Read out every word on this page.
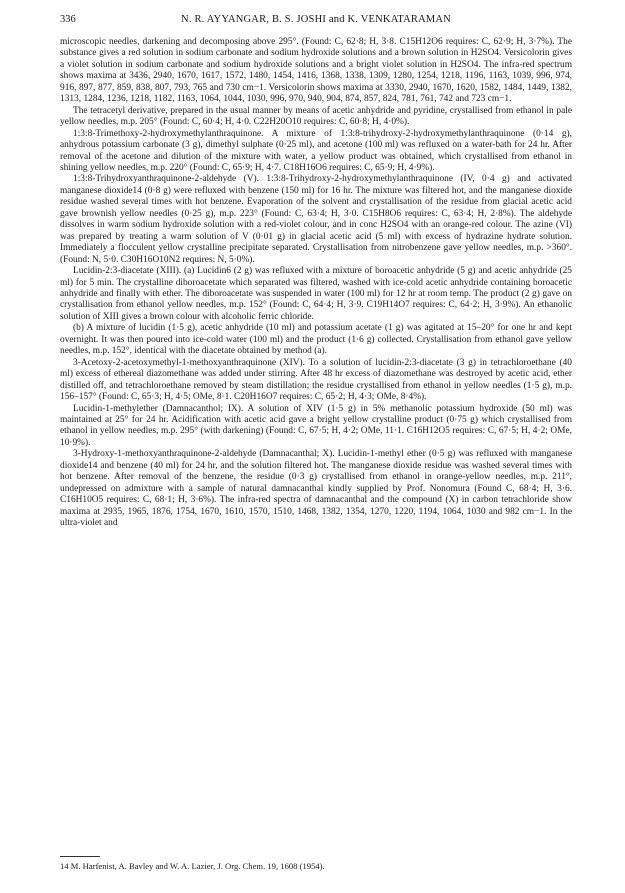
336	N. R. AYYANGAR, B. S. JOSHI and K. VENKATARAMAN

microscopic needles, darkening and decomposing above 295°. (Found: C, 62·8; H, 3·8. C15H12O6 requires: C, 62·9; H, 3·7%). The substance gives a red solution in sodium carbonate and sodium hydroxide solutions and a brown solution in H2SO4. Versicolorin gives a violet solution in sodium carbonate and sodium hydroxide solutions and a bright violet solution in H2SO4. The infra-red spectrum shows maxima at 3436, 2940, 1670, 1617, 1572, 1480, 1454, 1416, 1368, 1338, 1309, 1280, 1254, 1218, 1196, 1163, 1039, 996, 974, 916, 897, 877, 859, 838, 807, 793, 765 and 730 cm−1. Versicolorin shows maxima at 3330, 2940, 1670, 1620, 1582, 1484, 1449, 1382, 1313, 1284, 1236, 1218, 1182, 1163, 1064, 1044, 1030, 996, 970, 940, 904, 874, 857, 824, 781, 761, 742 and 723 cm−1.

The tetracetyl derivative, prepared in the usual manner by means of acetic anhydride and pyridine, crystallised from ethanol in pale yellow needles, m.p. 205° (Found: C, 60·4; H, 4·0. C22H20O10 requires: C, 60·8; H, 4·0%).

1:3:8-Trimethoxy-2-hydroxymethylanthraquinone. A mixture of 1:3:8-trihydroxy-2-hydroxymethylanthraquinone (0·14 g), anhydrous potassium carbonate (3 g), dimethyl sulphate (0·25 ml), and acetone (100 ml) was refluxed on a water-bath for 24 hr. After removal of the acetone and dilution of the mixture with water, a yellow product was obtained, which crystallised from ethanol in shining yellow needles, m.p. 220° (Found: C, 65·9; H, 4·7. C18H16O6 requires: C, 65·9; H, 4·9%).

1:3:8-Trihydroxyanthraquinone-2-aldehyde (V). 1:3:8-Trihydroxy-2-hydroxymethylanthraquinone (IV, 0·4 g) and activated manganese dioxide14 (0·8 g) were refluxed with benzene (150 ml) for 16 hr. The mixture was filtered hot, and the manganese dioxide residue washed several times with hot benzene. Evaporation of the solvent and crystallisation of the residue from glacial acetic acid gave brownish yellow needles (0·25 g), m.p. 223° (Found: C, 63·4; H, 3·0. C15H8O6 requires: C, 63·4; H, 2·8%). The aldehyde dissolves in warm sodium hydroxide solution with a red-violet colour, and in conc H2SO4 with an orange-red colour. The azine (VI) was prepared by treating a warm solution of V (0·01 g) in glacial acetic acid (5 ml) with excess of hydrazine hydrate solution. Immediately a flocculent yellow crystalline precipitate separated. Crystallisation from nitrobenzene gave yellow needles, m.p. >360°. (Found: N, 5·0. C30H16O10N2 requires: N, 5·0%).

Lucidin-2:3-diacetate (XIII). (a) Lucidin6 (2 g) was refluxed with a mixture of boroacetic anhydride (5 g) and acetic anhydride (25 ml) for 5 min. The crystalline diboroacetate which separated was filtered, washed with ice-cold acetic anhydride containing boroacetic anhydride and finally with ether. The diboroacetate was suspended in water (100 ml) for 12 hr at room temp. The product (2 g) gave on crystallisation from ethanol yellow needles, m.p. 152° (Found: C, 64·4; H, 3·9. C19H14O7 requires: C, 64·2; H, 3·9%). An ethanolic solution of XIII gives a brown colour with alcoholic ferric chloride.

(b) A mixture of lucidin (1·5 g), acetic anhydride (10 ml) and potassium acetate (1 g) was agitated at 15–20° for one hr and kept overnight. It was then poured into ice-cold water (100 ml) and the product (1·6 g) collected. Crystallisation from ethanol gave yellow needles, m.p. 152°, identical with the diacetate obtained by method (a).

3-Acetoxy-2-acetoxymethyl-1-methoxyanthraquinone (XIV). To a solution of lucidin-2:3-diacetate (3 g) in tetrachloroethane (40 ml) excess of ethereal diazomethane was added under stirring. After 48 hr excess of diazomethane was destroyed by acetic acid, ether distilled off, and tetrachloroethane removed by steam distillation; the residue crystallised from ethanol in yellow needles (1·5 g), m.p. 156–157° (Found: C, 65·3; H, 4·5; OMe, 8·1. C20H16O7 requires: C, 65·2; H, 4·3; OMe, 8·4%).

Lucidin-1-methylether (Damnacanthol; IX). A solution of XIV (1·5 g) in 5% methanolic potassium hydroxide (50 ml) was maintained at 25° for 24 hr. Acidification with acetic acid gave a bright yellow crystalline product (0·75 g) which crystallised from ethanol in yellow needles, m.p. 295° (with darkening) (Found: C, 67·5; H, 4·2; OMe, 11·1. C16H12O5 requires: C, 67·5; H, 4·2; OMe, 10·9%).

3-Hydroxy-1-methoxyanthraquinone-2-aldehyde (Damnacanthal; X). Lucidin-1-methyl ether (0·5 g) was refluxed with manganese dioxide14 and benzene (40 ml) for 24 hr, and the solution filtered hot. The manganese dioxide residue was washed several times with hot benzene. After removal of the benzene, the residue (0·3 g) crystallised from ethanol in orange-yellow needles, m.p. 211°, undepressed on admixture with a sample of natural damnacanthal kindly supplied by Prof. Nonomura (Found C, 68·4; H, 3·6. C16H10O5 requires: C, 68·1; H, 3·6%). The infra-red spectra of damnacanthal and the compound (X) in carbon tetrachloride show maxima at 2935, 1965, 1876, 1754, 1670, 1610, 1570, 1510, 1468, 1382, 1354, 1270, 1220, 1194, 1064, 1030 and 982 cm−1. In the ultra-violet and

14 M. Harfenist, A. Bavley and W. A. Lazier, J. Org. Chem. 19, 1608 (1954).
